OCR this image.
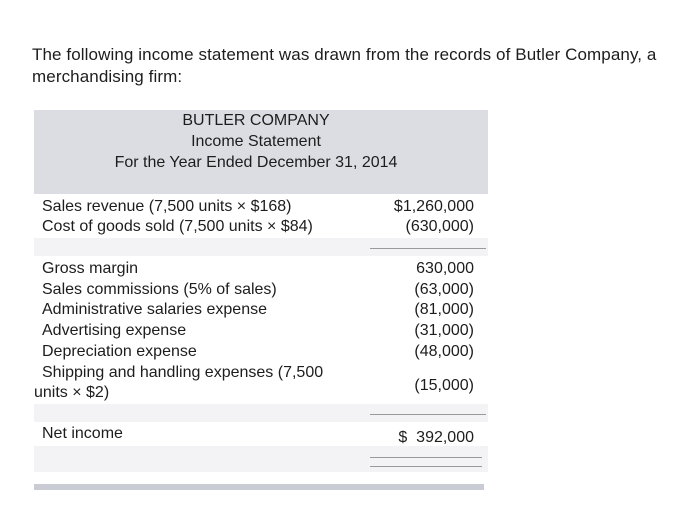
The following income statement was drawn from the records of Butler Company, a merchandising firm:
BUTLER COMPANY
Income Statement
For the Year Ended December 31, 2014
Sales revenue (7,500 units × $168)	$1,260,000
Cost of goods sold (7,500 units × $84)	(630,000)
Gross margin	630,000
Sales commissions (5% of sales)	(63,000)
Administrative salaries expense	(81,000)
Advertising expense	(31,000)
Depreciation expense	(48,000)
Shipping and handling expenses (7,500
units × $2)	(15,000)
Net income	$  392,000
